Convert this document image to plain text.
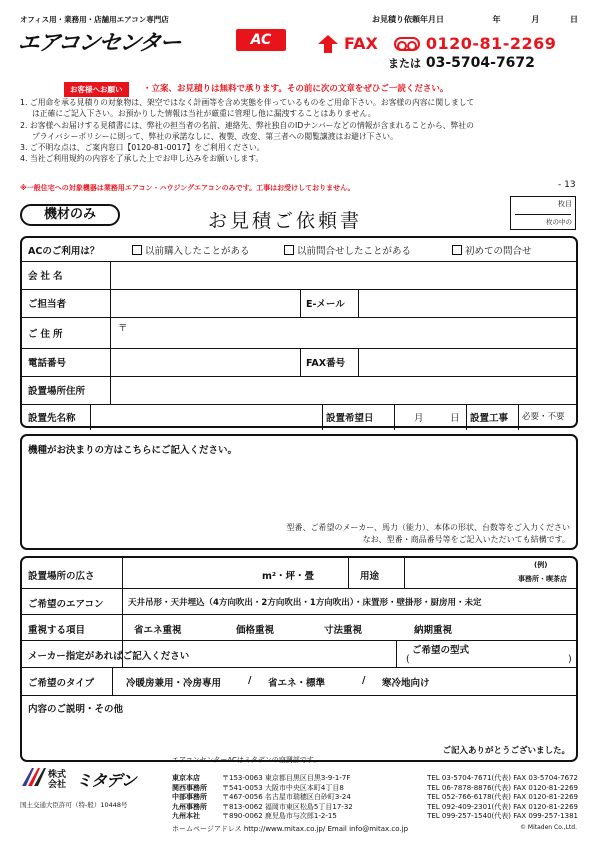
オフィス用・業務用・店舗用エアコン専門店
エアコンセンター	AC
お見積り依頼年月日	年	月	日
FAX	0120-81-2269
または 03-5704-7672
お客様へお願い	・立案、お見積りは無料で承ります。その前に次の文章をぜひご一読ください。
1. ご用命を承る見積りの対象物は、架空ではなく計画等を含め実態を伴っているものをご用命下さい。お客様の内容に関しまして
は正確にご記入下さい。お預かりした情報は当社が厳重に管理し他に漏洩することはありません。
2. お客様へお届けする見積書には、弊社の担当者の名前、連絡先、弊社独自のIDナンバーなどの情報が含まれることから、弊社の
プライバシーポリシーに則って、弊社の承諾なしに、複製、改変、第三者への閲覧譲渡はお避け下さい。
3. ご不明な点は、ご案内窓口【0120-81-0017】をご利用ください。
4. 当社ご利用規約の内容を了承した上でお申し込みをお願いします。
※一般住宅への対象機器は業務用エアコン・ハウジングエアコンのみです。工事はお受けしておりません。	- 13
機材のみ	お見積ご依頼書
枚目
枚の中の
ACのご利用は？	以前購入したことがある	以前問合せしたことがある	初めての問合せ
会社名
ご担当者	E-メール
ご住所
〒
電話番号	FAX番号
設置場所住所
設置先名称	設置希望日	月	日 設置工事 必要・不要
機種がお決まりの方はこちらにご記入ください。
型番、ご希望のメーカー、馬力（能力）、本体の形状、台数等をご入力ください
なお、型番・商品番号等をご記入いただいても結構です。
設置場所の広さ	m²・坪・畳	用途
(例)
事務所・喫茶店
ご希望のエアコン	天井吊形・天井埋込（4方向吹出・2方向吹出・1方向吹出）・床置形・壁掛形・厨房用・未定
重視する項目	省エネ重視	価格重視	寸法重視	納期重視
メーカー指定があればご記入ください
ご希望の型式
(	)
ご希望のタイプ	冷暖房兼用・冷房専用	/ 省エネ・標準	/ 寒冷地向け
内容のご説明・その他
ご記入ありがとうございました。
エアコンセンターACはミタデンの空調部です。
株式
会社 ミタデン
国土交通大臣許可（特-般）10448号
東京本店	〒153-0063 東京都目黒区目黒3-9-1-7F	TEL 03-5704-7671(代表) FAX 03-5704-7672
関西事務所	〒541-0053 大阪市中央区本町4丁目8	TEL 06-7878-8876(代表) FAX 0120-81-2269
中部事務所	〒467-0056 名古屋市瑞穂区白砂町3-24	TEL 052-766-6178(代表) FAX 0120-81-2269
九州事務所	〒813-0062 福岡市東区松島5丁目17-32	TEL 092-409-2301(代表) FAX 0120-81-2269
九州本社	〒890-0062 鹿児島市与次郎1-2-15	TEL 099-257-1540(代表) FAX 099-257-1381
ホームページアドレス http://www.mitax.co.jp/ Email info@mitax.co.jp	© Mitaden Co.,Ltd.
